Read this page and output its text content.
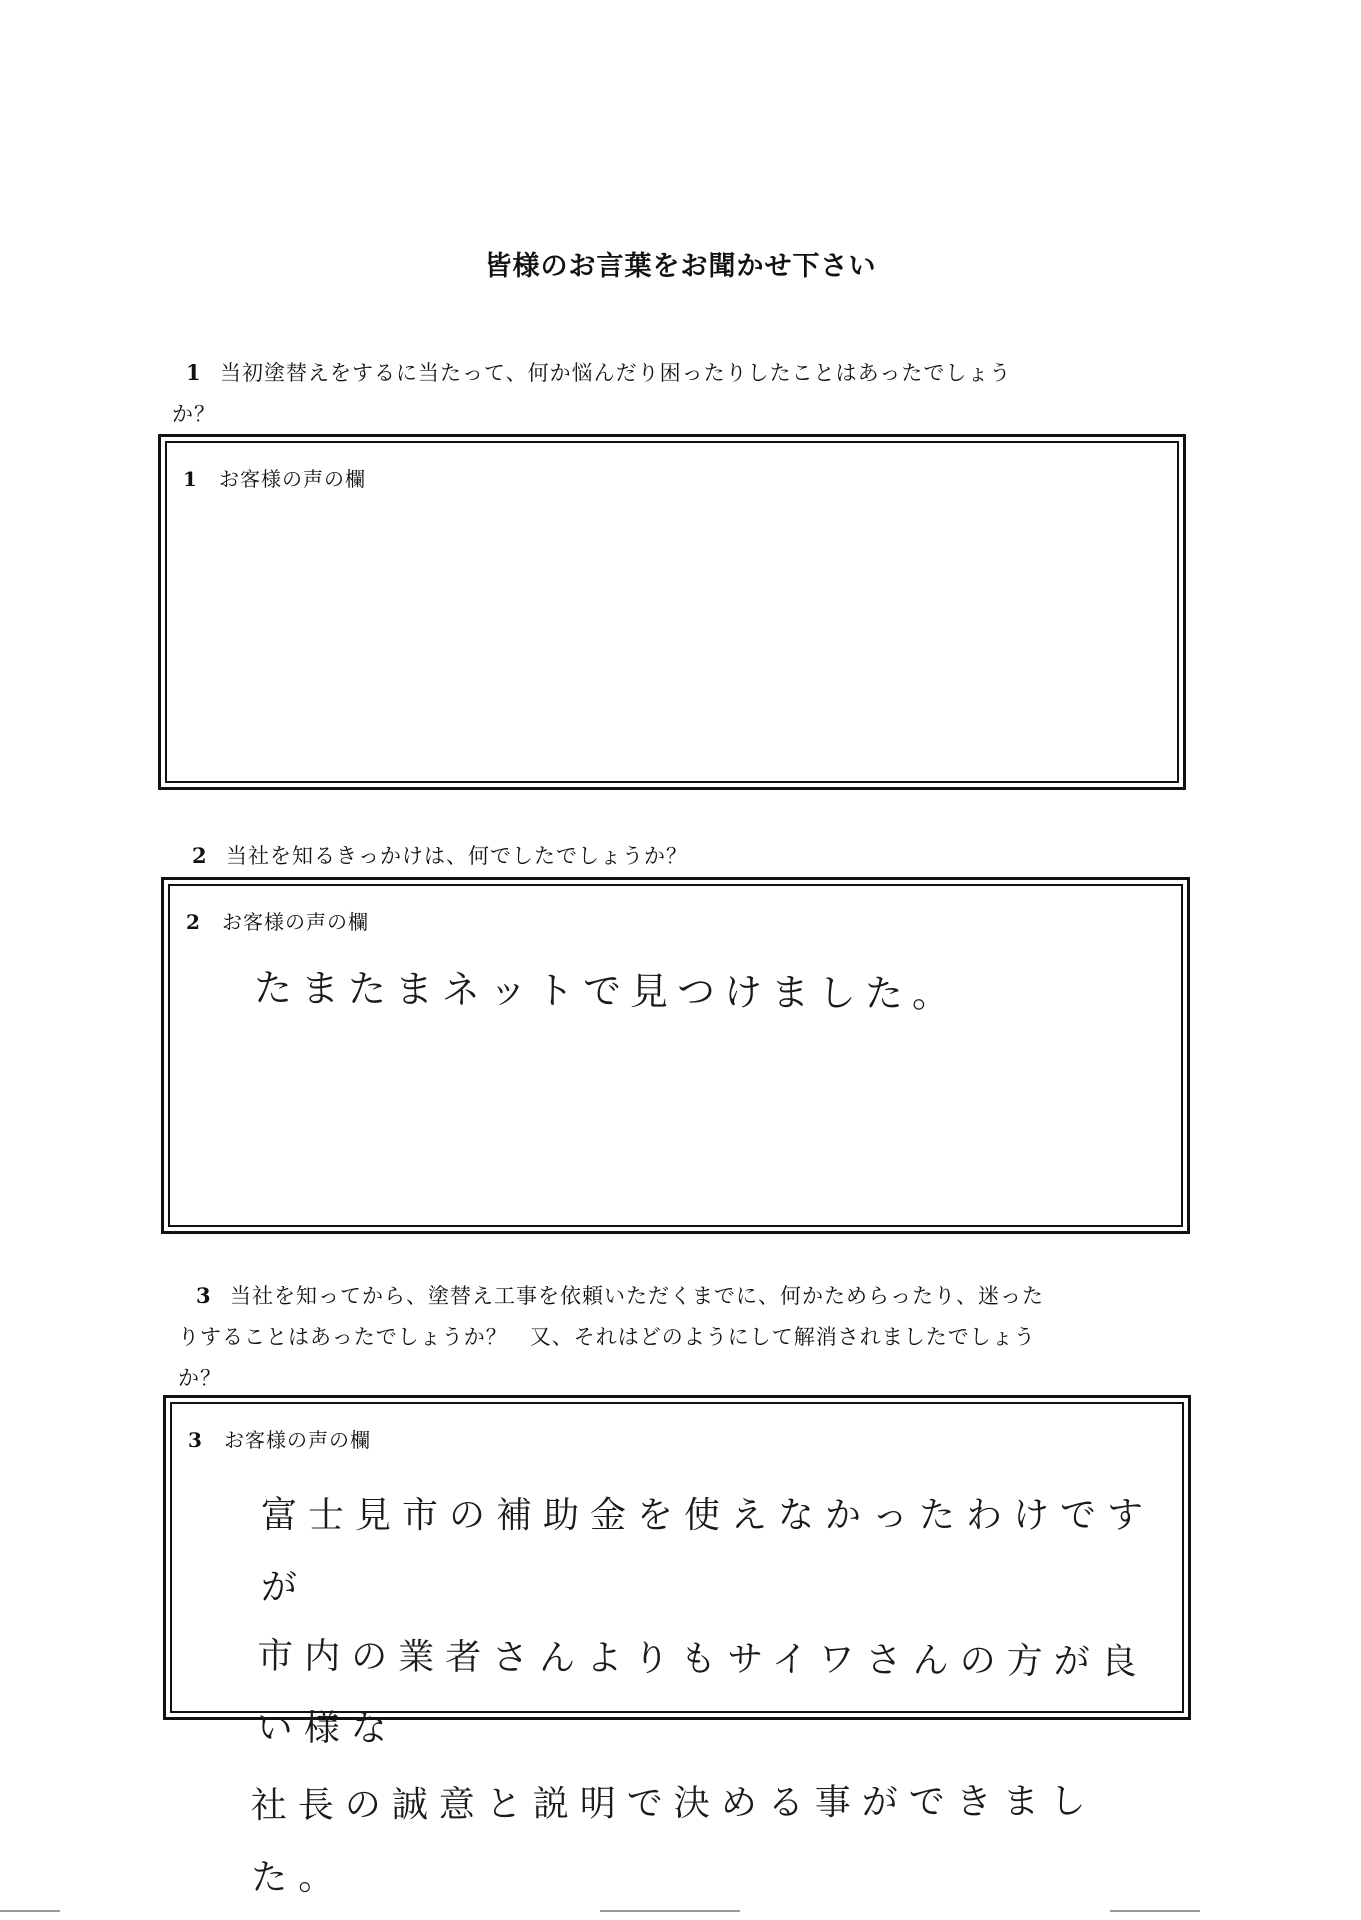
皆様のお言葉をお聞かせ下さい
1 当初塗替えをするに当たって、何か悩んだり困ったりしたことはあったでしょう
か？
1 お客様の声の欄
2 当社を知るきっかけは、何でしたでしょうか？
2 お客様の声の欄
たまたまネットで見つけました。
3 当社を知ってから、塗替え工事を依頼いただくまでに、何かためらったり、迷った
りすることはあったでしょうか？　又、それはどのようにして解消されましたでしょう
か？
3 お客様の声の欄
富士見市の補助金を使えなかったわけですが
市内の業者さんよりもサイワさんの方が良い様な
社長の誠意と説明で決める事ができました。
